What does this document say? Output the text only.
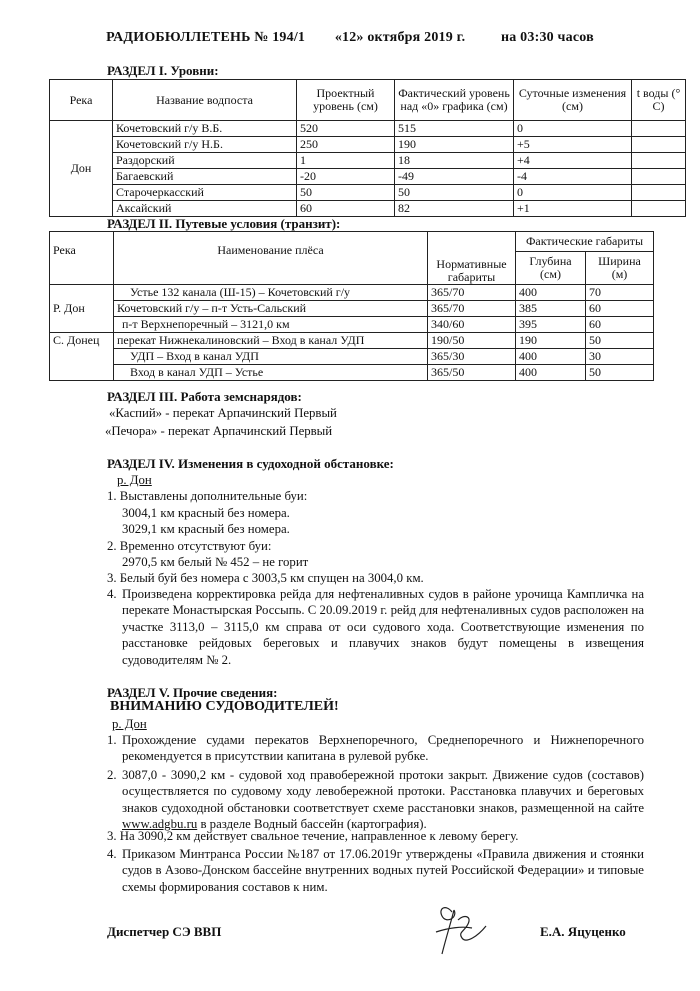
РАДИОБЮЛЛЕТЕНЬ № 194/1 «12» октября 2019 г.	на 03:30 часов
РАЗДЕЛ I. Уровни:
Река	Название водпоста	Проектный уровень (см)	Фактический уровень над «0» графика (см)	Суточные изменения (см)	t воды (° С)
Дон	Кочетовский г/у В.Б.	520	515	0	
	Кочетовский г/у Н.Б.	250	190	+5	
	Раздорский	1	18	+4	
	Багаевский	-20	-49	-4	
	Старочеркасский	50	50	0	
	Аксайский	60	82	+1	
РАЗДЕЛ II. Путевые условия (транзит):
Река	Наименование плёса	Нормативные габариты	Фактические габариты	
			Глубина (см)	Ширина (м)
Р. Дон	Устье 132 канала (Ш-15) – Кочетовский г/у	365/70	400	70
	Кочетовский г/у – п-т Усть-Сальский	365/70	385	60
	п-т Верхнепоречный – 3121,0 км	340/60	395	60
С. Донец	перекат Нижнекалиновский – Вход в канал УДП	190/50	190	50
	УДП – Вход в канал УДП	365/30	400	30
	Вход в канал УДП – Устье	365/50	400	50
РАЗДЕЛ III. Работа земснарядов:
«Каспий» - перекат Арпачинский Первый
«Печора» - перекат Арпачинский Первый
РАЗДЕЛ IV. Изменения в судоходной обстановке:
р. Дон
1. Выставлены дополнительные буи:
3004,1 км красный без номера.
3029,1 км красный без номера.
2. Временно отсутствуют буи:
2970,5 км белый № 452 – не горит
3. Белый буй без номера с 3003,5 км спущен на 3004,0 км.
4. Произведена корректировка рейда для нефтеналивных судов в районе урочища Кампличка на перекате Монастырская Россыпь. С 20.09.2019 г. рейд для нефтеналивных судов расположен на участке 3113,0 – 3115,0 км справа от оси судового хода. Соответствующие изменения по расстановке рейдовых береговых и плавучих знаков будут помещены в извещения судоводителям № 2.
РАЗДЕЛ V. Прочие сведения:
ВНИМАНИЮ СУДОВОДИТЕЛЕЙ!
р. Дон
1. Прохождение судами перекатов Верхнепоречного, Среднепоречного и Нижнепоречного рекомендуется в присутствии капитана в рулевой рубке.
2. 3087,0 - 3090,2 км - судовой ход правобережной протоки закрыт. Движение судов (составов) осуществляется по судовому ходу левобережной протоки. Расстановка плавучих и береговых знаков судоходной обстановки соответствует схеме расстановки знаков, размещенной на сайте www.adgbu.ru в разделе Водный бассейн (картография).
3. На 3090,2 км действует свальное течение, направленное к левому берегу.
4. Приказом Минтранса России №187 от 17.06.2019г утверждены «Правила движения и стоянки судов в Азово-Донском бассейне внутренних водных путей Российской Федерации» и типовые схемы формирования составов к ним.
Диспетчер СЭ ВВП	Е.А. Яцуценко
